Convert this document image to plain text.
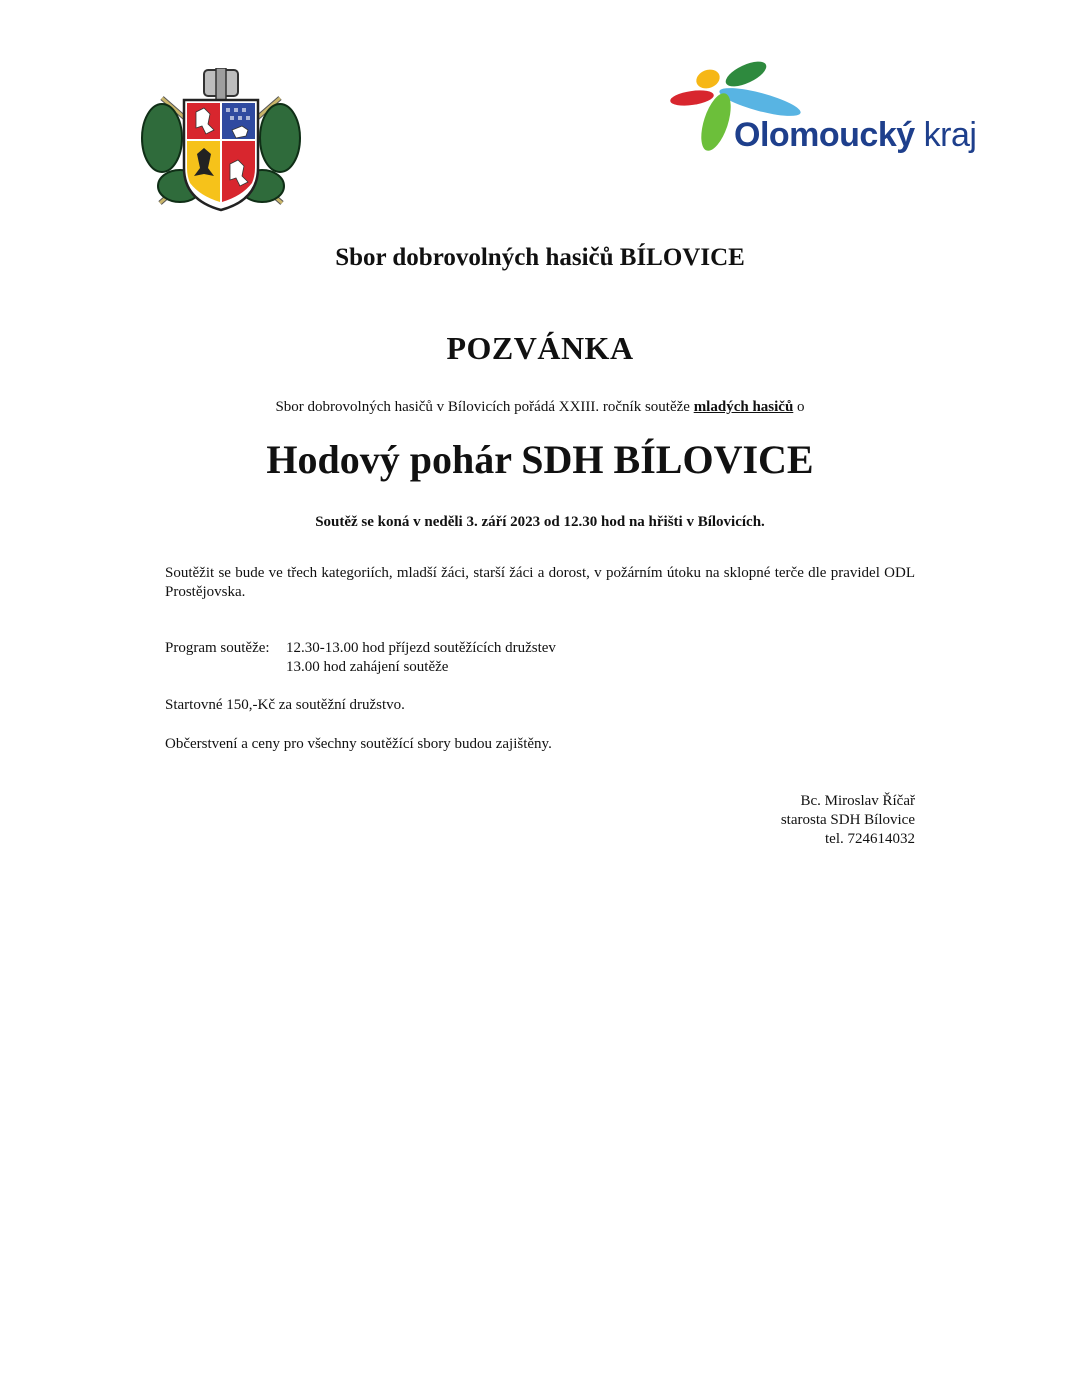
Olomoucký kraj
Sbor dobrovolných hasičů BÍLOVICE
POZVÁNKA
Sbor dobrovolných hasičů v Bílovicích pořádá XXIII. ročník soutěže mladých hasičů o
Hodový pohár SDH BÍLOVICE
Soutěž se koná v neděli 3. září 2023 od 12.30 hod na hřišti v Bílovicích.
Soutěžit se bude ve třech kategoriích, mladší žáci, starší žáci a dorost, v požárním útoku na sklopné terče dle pravidel ODL Prostějovska.
Program soutěže: 12.30-13.00 hod příjezd soutěžících družstev
13.00 hod zahájení soutěže
Startovné 150,-Kč za soutěžní družstvo.
Občerstvení a ceny pro všechny soutěžící sbory budou zajištěny.
Bc. Miroslav Říčař
starosta SDH Bílovice
tel. 724614032
